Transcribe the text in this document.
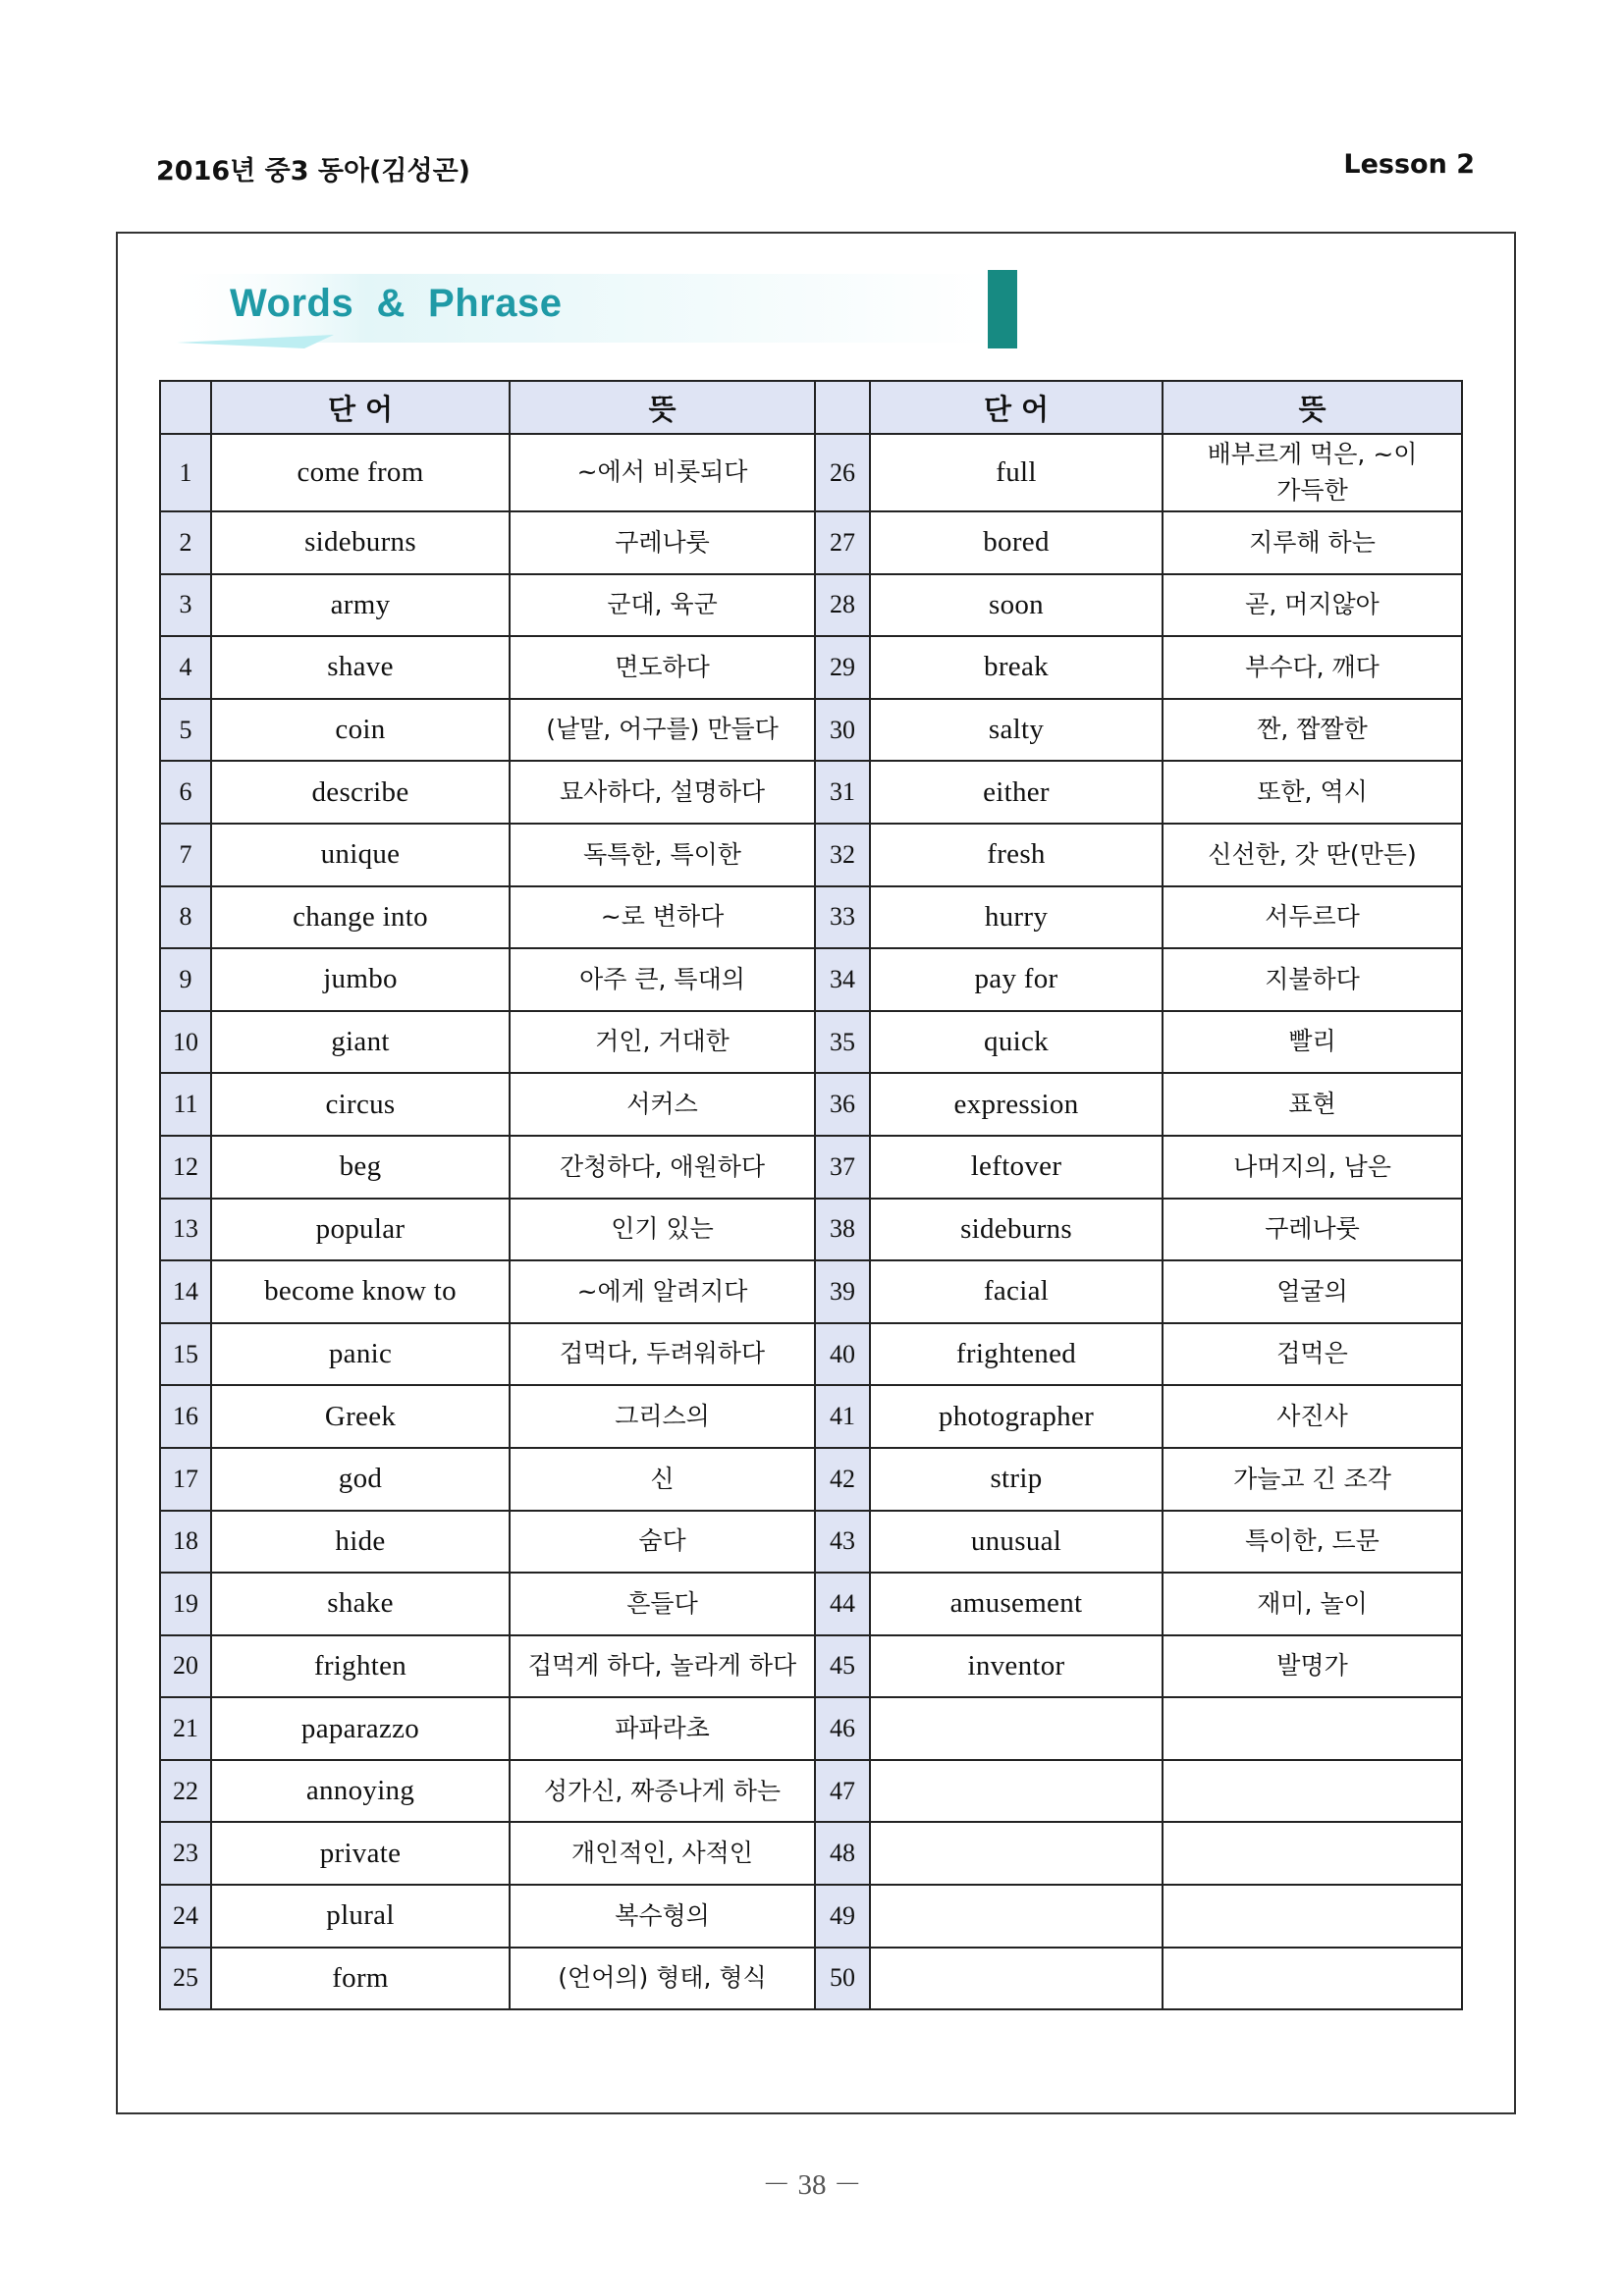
2016년 중3 동아(김성곤)	Lesson 2
Words  &  Phrase
	단 어	뜻		단 어	뜻
1	come from	~에서 비롯되다	26	full	배부르게 먹은, ~이
가득한
2	sideburns	구레나룻	27	bored	지루해 하는
3	army	군대, 육군	28	soon	곧, 머지않아
4	shave	면도하다	29	break	부수다, 깨다
5	coin	(낱말, 어구를) 만들다	30	salty	짠, 짭짤한
6	describe	묘사하다, 설명하다	31	either	또한, 역시
7	unique	독특한, 특이한	32	fresh	신선한, 갓 딴(만든)
8	change into	~로 변하다	33	hurry	서두르다
9	jumbo	아주 큰, 특대의	34	pay for	지불하다
10	giant	거인, 거대한	35	quick	빨리
11	circus	서커스	36	expression	표현
12	beg	간청하다, 애원하다	37	leftover	나머지의, 남은
13	popular	인기 있는	38	sideburns	구레나룻
14	become know to	~에게 알려지다	39	facial	얼굴의
15	panic	겁먹다, 두려워하다	40	frightened	겁먹은
16	Greek	그리스의	41	photographer	사진사
17	god	신	42	strip	가늘고 긴 조각
18	hide	숨다	43	unusual	특이한, 드문
19	shake	흔들다	44	amusement	재미, 놀이
20	frighten	겁먹게 하다, 놀라게 하다	45	inventor	발명가
21	paparazzo	파파라초	46		
22	annoying	성가신, 짜증나게 하는	47		
23	private	개인적인, 사적인	48		
24	plural	복수형의	49		
25	form	(언어의) 형태, 형식	50		
－ 38 －
